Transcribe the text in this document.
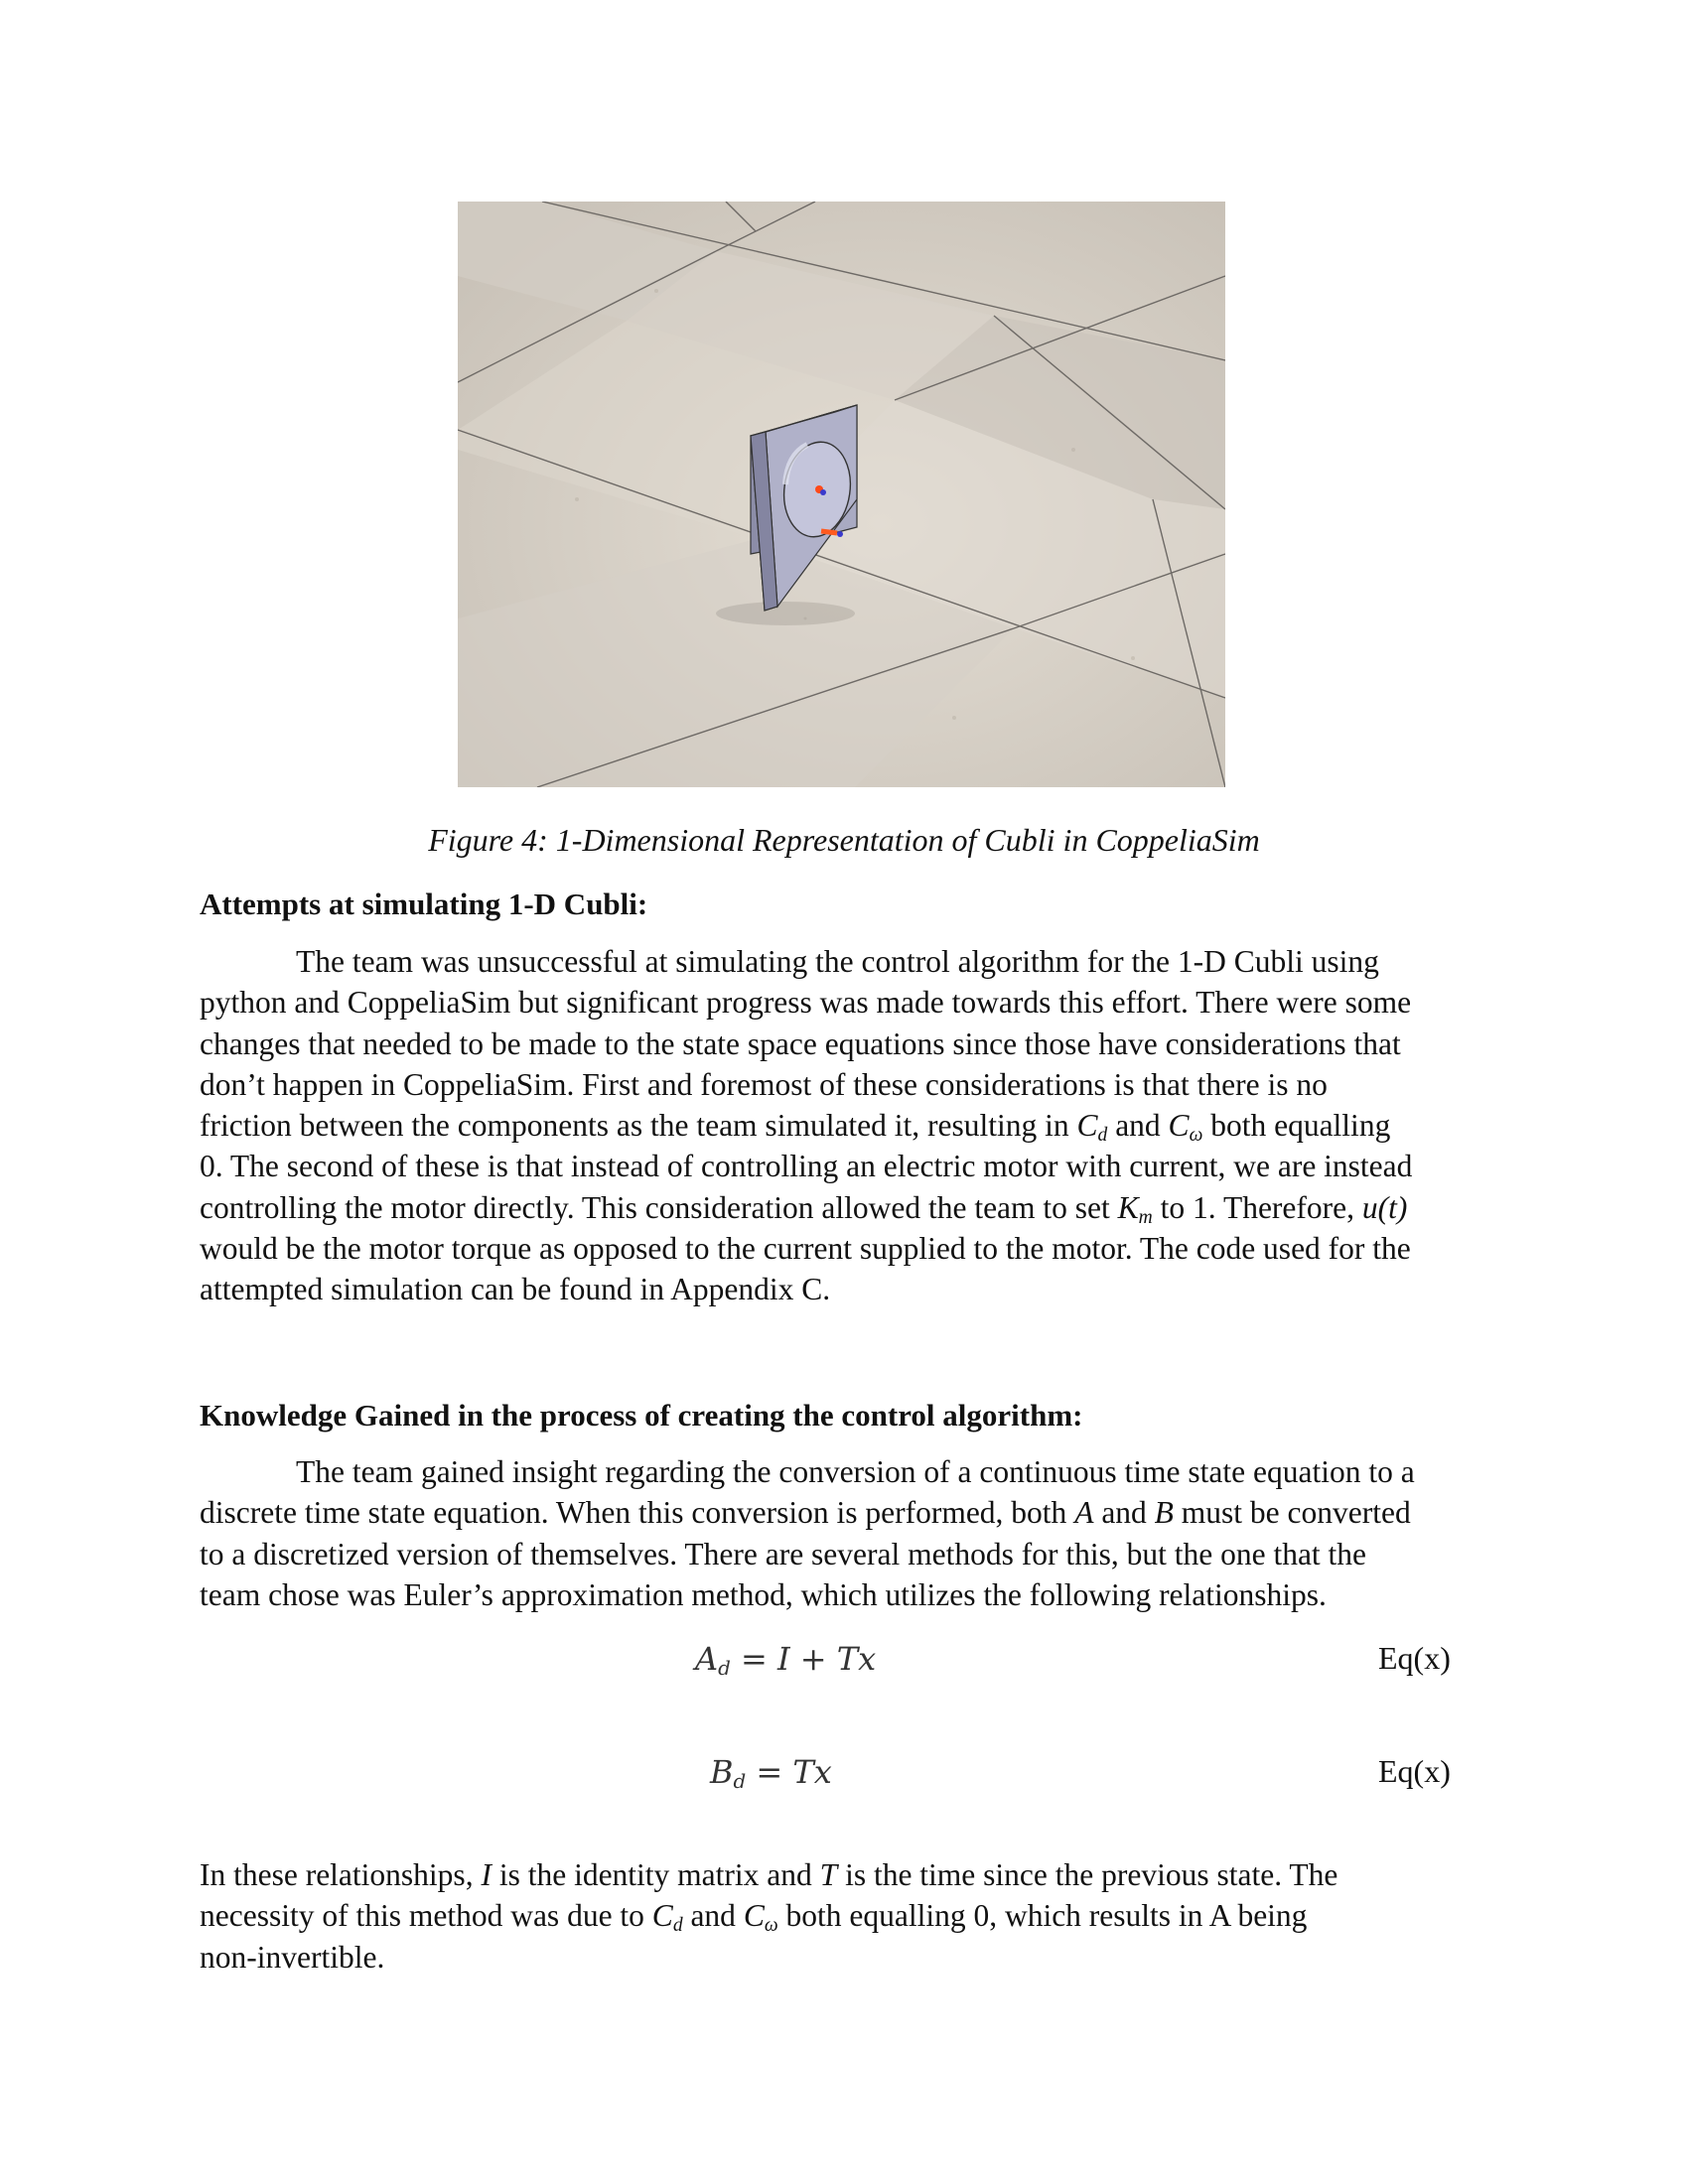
Figure 4: 1-Dimensional Representation of Cubli in CoppeliaSim
Attempts at simulating 1-D Cubli:
The team was unsuccessful at simulating the control algorithm for the 1-D Cubli using
python and CoppeliaSim but significant progress was made towards this effort. There were some
changes that needed to be made to the state space equations since those have considerations that
don’t happen in CoppeliaSim. First and foremost of these considerations is that there is no
friction between the components as the team simulated it, resulting in $C_d$ and $C_\omega$ both equalling
0. The second of these is that instead of controlling an electric motor with current, we are instead
controlling the motor directly. This consideration allowed the team to set $K_m$ to 1. Therefore, u(t)
would be the motor torque as opposed to the current supplied to the motor. The code used for the
attempted simulation can be found in Appendix C.
Knowledge Gained in the process of creating the control algorithm:
The team gained insight regarding the conversion of a continuous time state equation to a
discrete time state equation. When this conversion is performed, both A and B must be converted
to a discretized version of themselves. There are several methods for this, but the one that the
team chose was Euler’s approximation method, which utilizes the following relationships.
$A_d = I + Tx$	Eq(x)
$B_d = Tx$	Eq(x)
In these relationships, I is the identity matrix and T is the time since the previous state. The
necessity of this method was due to $C_d$ and $C_\omega$ both equalling 0, which results in A being
non-invertible.
